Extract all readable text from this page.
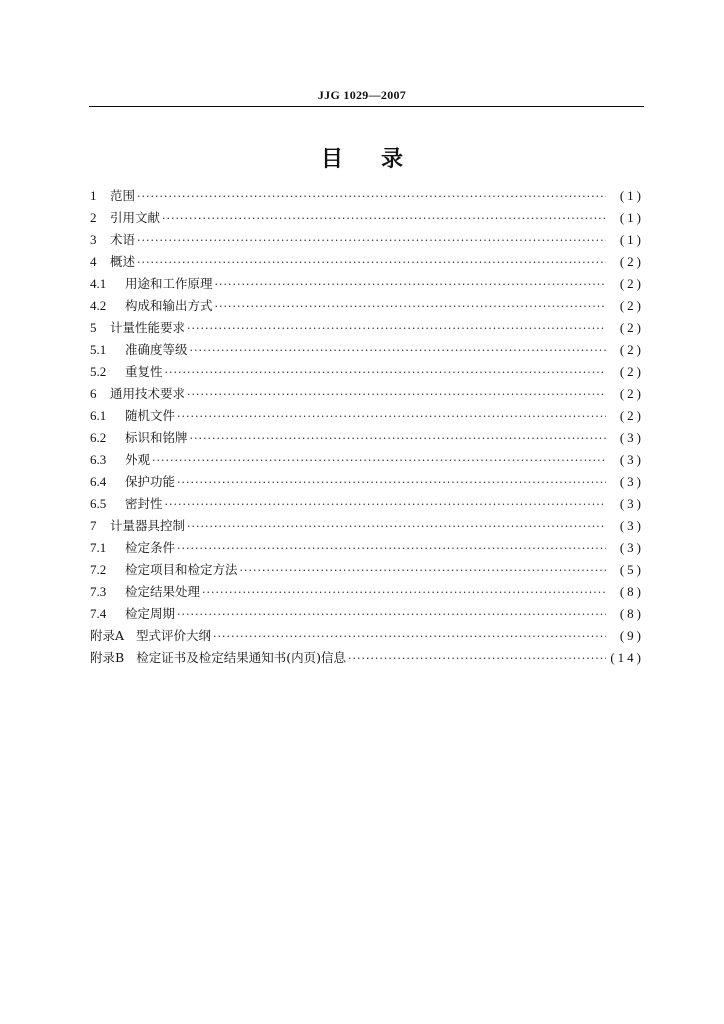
JJG 1029—2007
目录
1	范围 ·····	(1)
2	引用文献 ·····	(1)
3	术语 ·····	(1)
4	概述 ·····	(2)
4.1	用途和工作原理 ·····	(2)
4.2	构成和输出方式 ·····	(2)
5	计量性能要求 ·····	(2)
5.1	准确度等级 ·····	(2)
5.2	重复性 ·····	(2)
6	通用技术要求 ·····	(2)
6.1	随机文件 ·····	(2)
6.2	标识和铭牌 ·····	(3)
6.3	外观 ·····	(3)
6.4	保护功能 ·····	(3)
6.5	密封性 ·····	(3)
7	计量器具控制 ·····	(3)
7.1	检定条件 ·····	(3)
7.2	检定项目和检定方法 ·····	(5)
7.3	检定结果处理 ·····	(8)
7.4	检定周期 ·····	(8)
附录A 型式评价大纲 ·····	(9)
附录B 检定证书及检定结果通知书(内页)信息 ·····	(14)
